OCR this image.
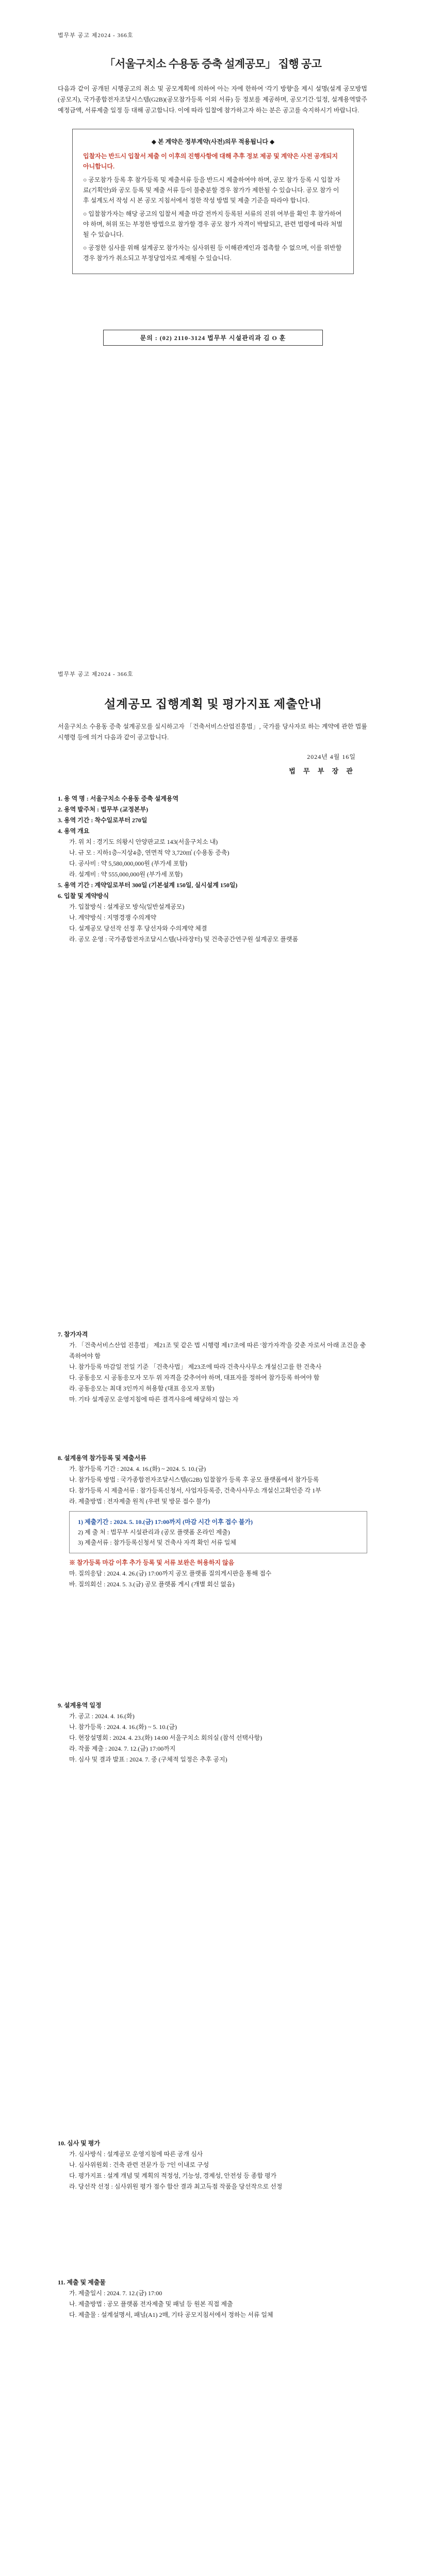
법무부 공고 제2024 - 366호
「서울구치소 수용동 증축 설계공모」 집행 공고
다음과 같이 공개된 시행공고의 취소 및 공모계획에 의하여 아는 자에 한하여 '각기 방향'을 제시 설명(설계 공모방법(공모지), 국가종합전자조달시스템(G2B)(공모참가등록 이외 서류) 등 정보를 제공하며, 공모기간·일정, 설계용역발주예정금액, 서류제출 일정 등 대해 공고합니다. 이에 따라 입찰에 참가하고자 하는 분은 공고를 숙지하시기 바랍니다.
◆ 본 계약은 정부계약(사전)의무 적용됩니다 ◆

입찰자는 반드시 입찰서 제출 이 이후의 진행사항에 대해 추후 정보 제공 및 계약은 사전 공개되지 아니합니다.

○ 공모참가 등록 후 참가등록 및 제출서류 등을 반드시 제출하여야 하며, 공모 참가 등록 시 입찰 자료(기획안)와 공모 등록 및 제출 서류 등이 불충분할 경우 참가가 제한될 수 있습니다. 공모 참가 이후 설계도서 작성 시 본 공모 지침서에서 정한 작성 방법 및 제출 기준을 따라야 합니다.

○ 입찰참가자는 해당 공고의 입찰서 제출 마감 전까지 등록된 서류의 진위 여부를 확인 후 참가하여야 하며, 허위 또는 부정한 방법으로 참가할 경우 공모 참가 자격이 박탈되고, 관련 법령에 따라 처벌될 수 있습니다.

○ 공정한 심사를 위해 설계공모 참가자는 심사위원 등 이해관계인과 접촉할 수 없으며, 이를 위반할 경우 참가가 취소되고 부정당업자로 제재될 수 있습니다.

문의 : (02) 2110-3124 법무부 시설관리과 김 O 훈
법무부 공고 제2024 - 366호
설계공모 집행계획 및 평가지표 제출안내
서울구치소 수용동 증축 설계공모를 실시하고자 「건축서비스산업진흥법」, 국가를 당사자로 하는 계약에 관한 법률 시행령 등에 의거 다음과 같이 공고합니다.
2024년 4월 16일
법 무 부 장 관
1. 용 역 명 : 서울구치소 수용동 증축 설계용역
2. 용역 발주처 : 법무부 (교정본부)
3. 용역 기간 : 착수일로부터 270일
4. 용역 개요
가. 위 치 : 경기도 의왕시 안양판교로 143(서울구치소 내)
나. 규 모 : 지하1층~지상4층, 연면적 약 3,720㎡ (수용동 증축)
다. 공사비 : 약 5,580,000,000원 (부가세 포함)
라. 설계비 : 약 555,000,000원 (부가세 포함)
5. 용역 기간 : 계약일로부터 300일 (기본설계 150일, 실시설계 150일)
6. 입찰 및 계약방식
가. 입찰방식 : 설계공모 방식(일반설계공모)
나. 계약방식 : 지명경쟁 수의계약
다. 설계공모 당선작 선정 후 당선자와 수의계약 체결
라. 공모 운영 : 국가종합전자조달시스템(나라장터) 및 건축공간연구원 설계공모 플랫폼
7. 참가자격
가. 「건축서비스산업 진흥법」 제21조 및 같은 법 시행령 제17조에 따른 '참가자격'을 갖춘 자로서 아래 조건을 충족하여야 함
나. 참가등록 마감일 전일 기준 「건축사법」 제23조에 따라 건축사사무소 개설신고를 한 건축사
다. 공동응모 시 공동응모자 모두 위 자격을 갖추어야 하며, 대표자를 정하여 참가등록 하여야 함
라. 공동응모는 최대 3인까지 허용함 (대표 응모자 포함)
마. 기타 설계공모 운영지침에 따른 결격사유에 해당하지 않는 자
8. 설계용역 참가등록 및 제출서류
가. 참가등록 기간 : 2024. 4. 16.(화) ~ 2024. 5. 10.(금)
나. 참가등록 방법 : 국가종합전자조달시스템(G2B) 입찰참가 등록 후 공모 플랫폼에서 참가등록
다. 참가등록 시 제출서류 : 참가등록신청서, 사업자등록증, 건축사사무소 개설신고확인증 각 1부
라. 제출방법 : 전자제출 원칙 (우편 및 방문 접수 불가)
1) 제출기간 : 2024. 5. 10.(금) 17:00까지 (마감 시간 이후 접수 불가)
2) 제 출 처 : 법무부 시설관리과 (공모 플랫폼 온라인 제출)
3) 제출서류 : 참가등록신청서 및 건축사 자격 확인 서류 일체
※ 참가등록 마감 이후 추가 등록 및 서류 보완은 허용하지 않음
마. 질의응답 : 2024. 4. 26.(금) 17:00까지 공모 플랫폼 질의게시판을 통해 접수
바. 질의회신 : 2024. 5. 3.(금) 공모 플랫폼 게시 (개별 회신 없음)
9. 설계용역 일정
가. 공고 : 2024. 4. 16.(화)
나. 참가등록 : 2024. 4. 16.(화) ~ 5. 10.(금)
다. 현장설명회 : 2024. 4. 23.(화) 14:00 서울구치소 회의실 (참석 선택사항)
라. 작품 제출 : 2024. 7. 12.(금) 17:00까지
마. 심사 및 결과 발표 : 2024. 7. 중 (구체적 일정은 추후 공지)
10. 심사 및 평가
가. 심사방식 : 설계공모 운영지침에 따른 공개 심사
나. 심사위원회 : 건축 관련 전문가 등 7인 이내로 구성
다. 평가지표 : 설계 개념 및 계획의 적정성, 기능성, 경제성, 안전성 등 종합 평가
라. 당선작 선정 : 심사위원 평가 점수 합산 결과 최고득점 작품을 당선작으로 선정
11. 제출 및 제출물
가. 제출일시 : 2024. 7. 12.(금) 17:00
나. 제출방법 : 공모 플랫폼 전자제출 및 패널 등 원본 직접 제출
다. 제출물 : 설계설명서, 패널(A1) 2매, 기타 공모지침서에서 정하는 서류 일체
